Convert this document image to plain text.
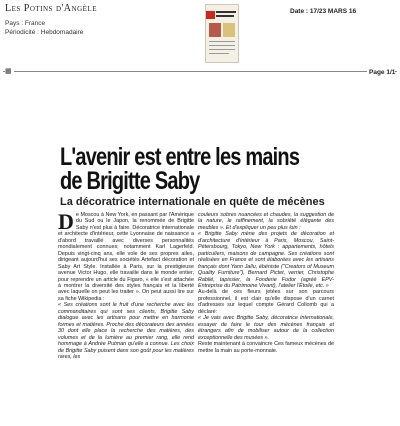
Les Potins d'Angèle
Pays : France
Périodicité : Hebdomadaire
Date : 17/23 MARS 16
▦	Page 1/1
L'avenir est entre les mains de Brigitte Saby
La décoratrice internationale en quête de mécènes

De Moscou à New York, en passant par l'Amérique du Sud ou le Japon, la renommée de Brigitte Saby n'est plus à faire. Décoratrice internationale et architecte d'intérieur, cette Lyonnaise de naissance a d'abord travaillé avec diverses personnalités mondialement connues; notamment Karl Lagerfeld. Depuis vingt-cinq ans, elle vole de ses propres ailes, dirigeant aujourd'hui ses sociétés Artefact décoration et Saby Art Style. Installée à Paris, sur la prestigieuse avenue Victor Hugo, elle travaille dans le monde entier, pour reprendre un article du Figaro, « elle s'est attachée à montrer la diversité des styles français et la liberté avec laquelle on peut les traiter ». On peut aussi lire sur sa fiche Wikipedia :

« Ses créations sont le fruit d'une recherche avec les commanditaires qui sont ses clients, Brigitte Saby dialogue avec les artisans pour mettre en harmonie formes et matières. Proche des décorateurs des années 30 dont elle place la recherche des matières, des volumes et de la lumière au premier rang, elle rend hommage à Andrée Putman qu'elle a connue. Les choix de Brigitte Saby puisent dans son goût pour les matières rares, les

couleurs sobres nuancées et chaudes, la suggestion de la nature, le raffinement, la sobriété élégante des meubles ». Et d'expliquer un peu plus loin :

« Brigitte Saby mène des projets de décoration et d'architecture d'intérieur à Paris, Moscou, Saint-Pétersbourg, Tokyo, New York : appartements, hôtels particuliers, maisons de campagne. Ses créations sont réalisées en France et sont élaborées avec les artisans français dont Yann Jallu, ébéniste ("Creators of Museum Quality Furniture"), Bernard Pictet, verrier, Christophe Rablié, tapissier, la Fonderie Fodor (agréé EPV- Entreprise du Patrimoine Vivant), l'atelier l'Étoile, etc. »

Au-delà de ces fleurs jetées sur son parcours professionnel, il est clair qu'elle dispose d'un carnet d'adresses sur lequel compte Gérard Collomb qui a déclaré:

« Je vais avec Brigitte Saby, décoratrice internationale, essayer de faire le tour des mécènes français et étrangers afin de mobiliser autour de la collection exceptionnelle des musées ».

Reste maintenant à convaincre Ces fameux mécènes de mettre la main au porte-monnaie.
